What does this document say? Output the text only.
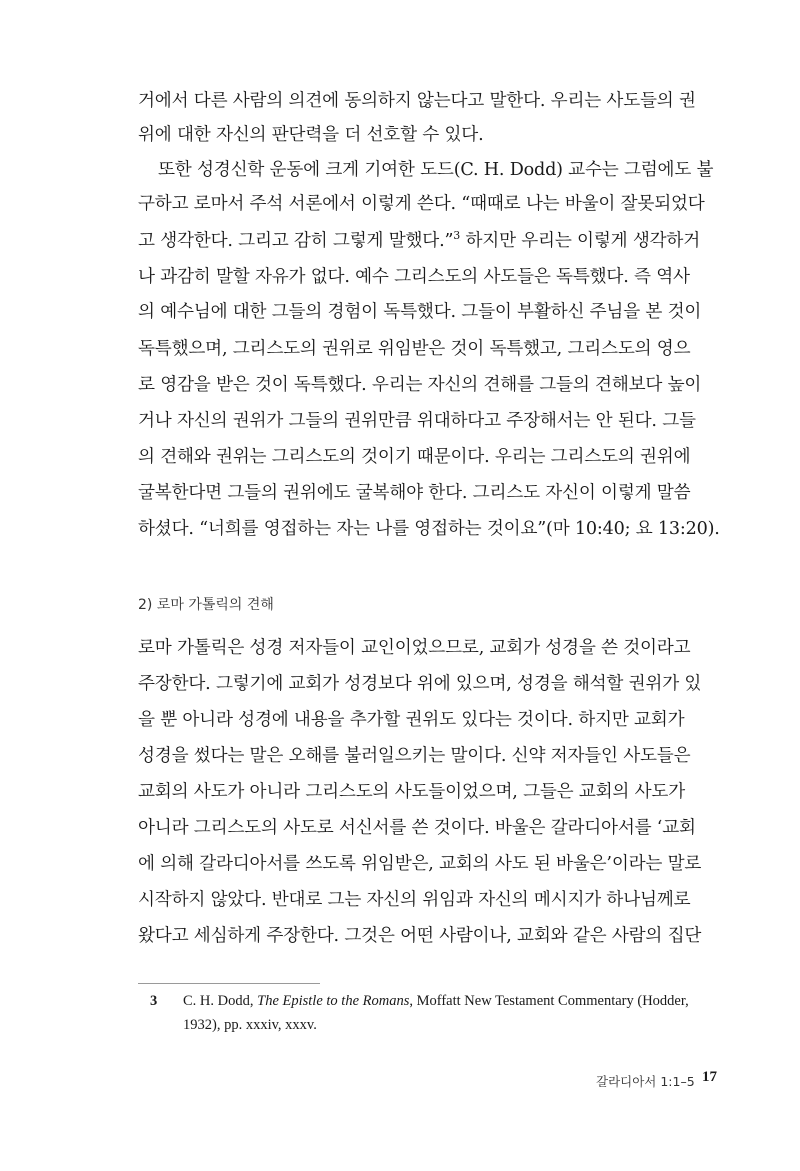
거에서 다른 사람의 의견에 동의하지 않는다고 말한다. 우리는 사도들의 권
위에 대한 자신의 판단력을 더 선호할 수 있다.
또한 성경신학 운동에 크게 기여한 도드(C. H. Dodd) 교수는 그럼에도 불
구하고 로마서 주석 서론에서 이렇게 쓴다. “때때로 나는 바울이 잘못되었다
고 생각한다. 그리고 감히 그렇게 말했다.”$^3$ 하지만 우리는 이렇게 생각하거
나 과감히 말할 자유가 없다. 예수 그리스도의 사도들은 독특했다. 즉 역사
의 예수님에 대한 그들의 경험이 독특했다. 그들이 부활하신 주님을 본 것이
독특했으며, 그리스도의 권위로 위임받은 것이 독특했고, 그리스도의 영으
로 영감을 받은 것이 독특했다. 우리는 자신의 견해를 그들의 견해보다 높이
거나 자신의 권위가 그들의 권위만큼 위대하다고 주장해서는 안 된다. 그들
의 견해와 권위는 그리스도의 것이기 때문이다. 우리는 그리스도의 권위에
굴복한다면 그들의 권위에도 굴복해야 한다. 그리스도 자신이 이렇게 말씀
하셨다. “너희를 영접하는 자는 나를 영접하는 것이요”(마 10:40; 요 13:20).
2) 로마 가톨릭의 견해
로마 가톨릭은 성경 저자들이 교인이었으므로, 교회가 성경을 쓴 것이라고
주장한다. 그렇기에 교회가 성경보다 위에 있으며, 성경을 해석할 권위가 있
을 뿐 아니라 성경에 내용을 추가할 권위도 있다는 것이다. 하지만 교회가
성경을 썼다는 말은 오해를 불러일으키는 말이다. 신약 저자들인 사도들은
교회의 사도가 아니라 그리스도의 사도들이었으며, 그들은 교회의 사도가
아니라 그리스도의 사도로 서신서를 쓴 것이다. 바울은 갈라디아서를 ‘교회
에 의해 갈라디아서를 쓰도록 위임받은, 교회의 사도 된 바울은’이라는 말로
시작하지 않았다. 반대로 그는 자신의 위임과 자신의 메시지가 하나님께로
왔다고 세심하게 주장한다. 그것은 어떤 사람이나, 교회와 같은 사람의 집단
3 C. H. Dodd, The Epistle to the Romans, Moffatt New Testament Commentary (Hodder,
1932), pp. xxxiv, xxxv.
갈라디아서 1:1–5 17
